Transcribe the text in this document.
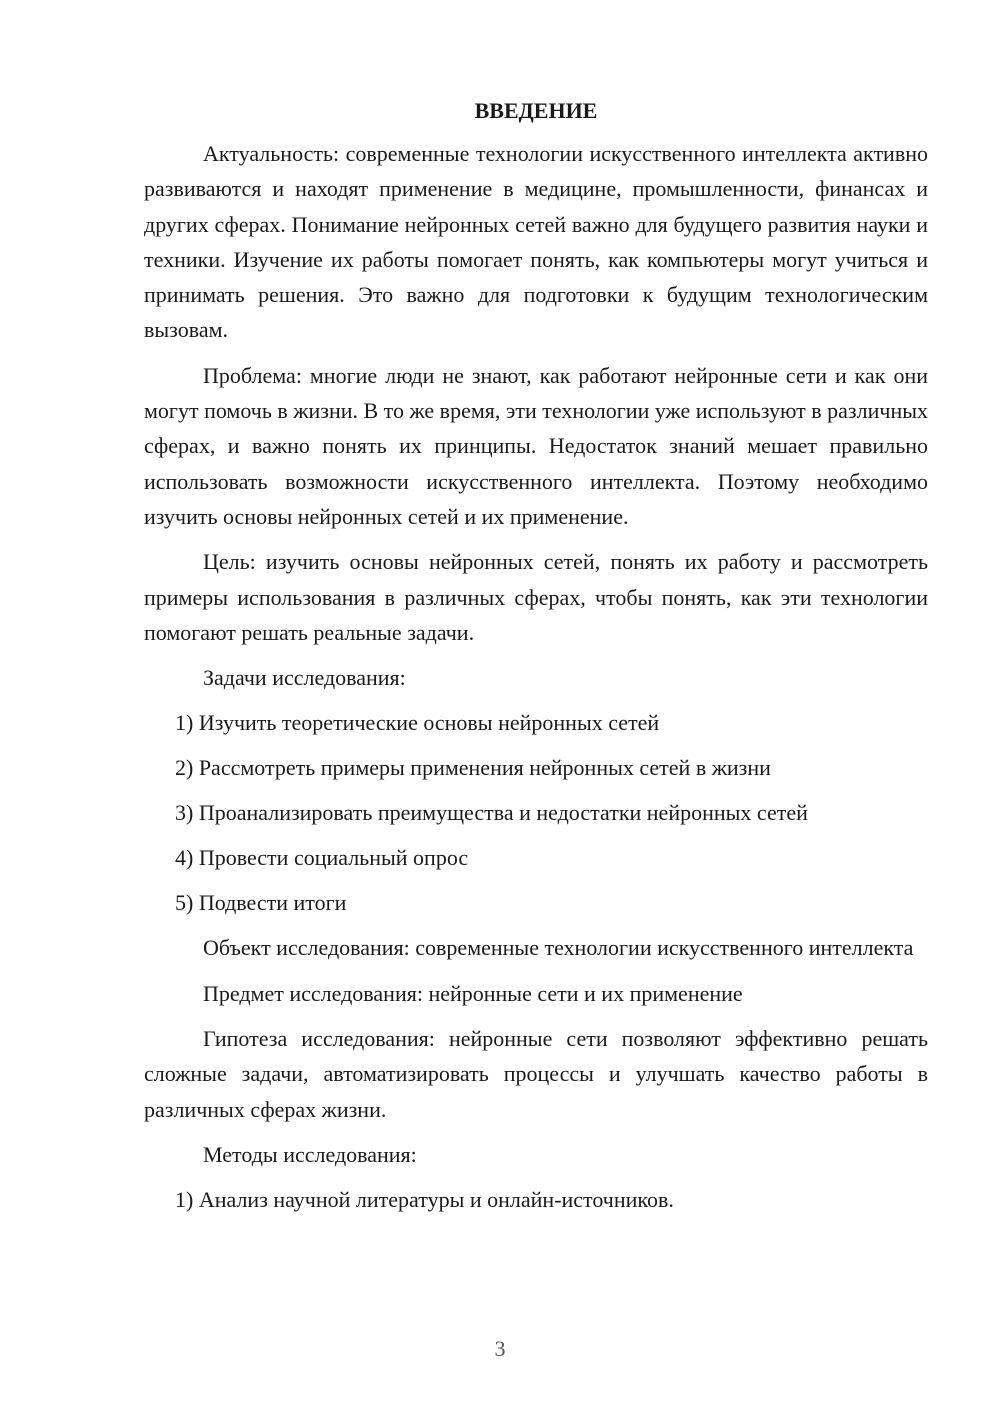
ВВЕДЕНИЕ

Актуальность: современные технологии искусственного интеллекта активно развиваются и находят применение в медицине, промышленности, финансах и других сферах. Понимание нейронных сетей важно для будущего развития науки и техники. Изучение их работы помогает понять, как компьютеры могут учиться и принимать решения. Это важно для подготовки к будущим технологическим вызовам.

Проблема: многие люди не знают, как работают нейронные сети и как они могут помочь в жизни. В то же время, эти технологии уже используют в различных сферах, и важно понять их принципы. Недостаток знаний мешает правильно использовать возможности искусственного интеллекта. Поэтому необходимо изучить основы нейронных сетей и их применение.

Цель: изучить основы нейронных сетей, понять их работу и рассмотреть примеры использования в различных сферах, чтобы понять, как эти технологии помогают решать реальные задачи.

Задачи исследования:

1) Изучить теоретические основы нейронных сетей
2) Рассмотреть примеры применения нейронных сетей в жизни
3) Проанализировать преимущества и недостатки нейронных сетей
4) Провести социальный опрос
5) Подвести итоги

Объект исследования: современные технологии искусственного интеллекта

Предмет исследования: нейронные сети и их применение

Гипотеза исследования: нейронные сети позволяют эффективно решать сложные задачи, автоматизировать процессы и улучшать качество работы в различных сферах жизни.

Методы исследования:

1) Анализ научной литературы и онлайн-источников.
3
